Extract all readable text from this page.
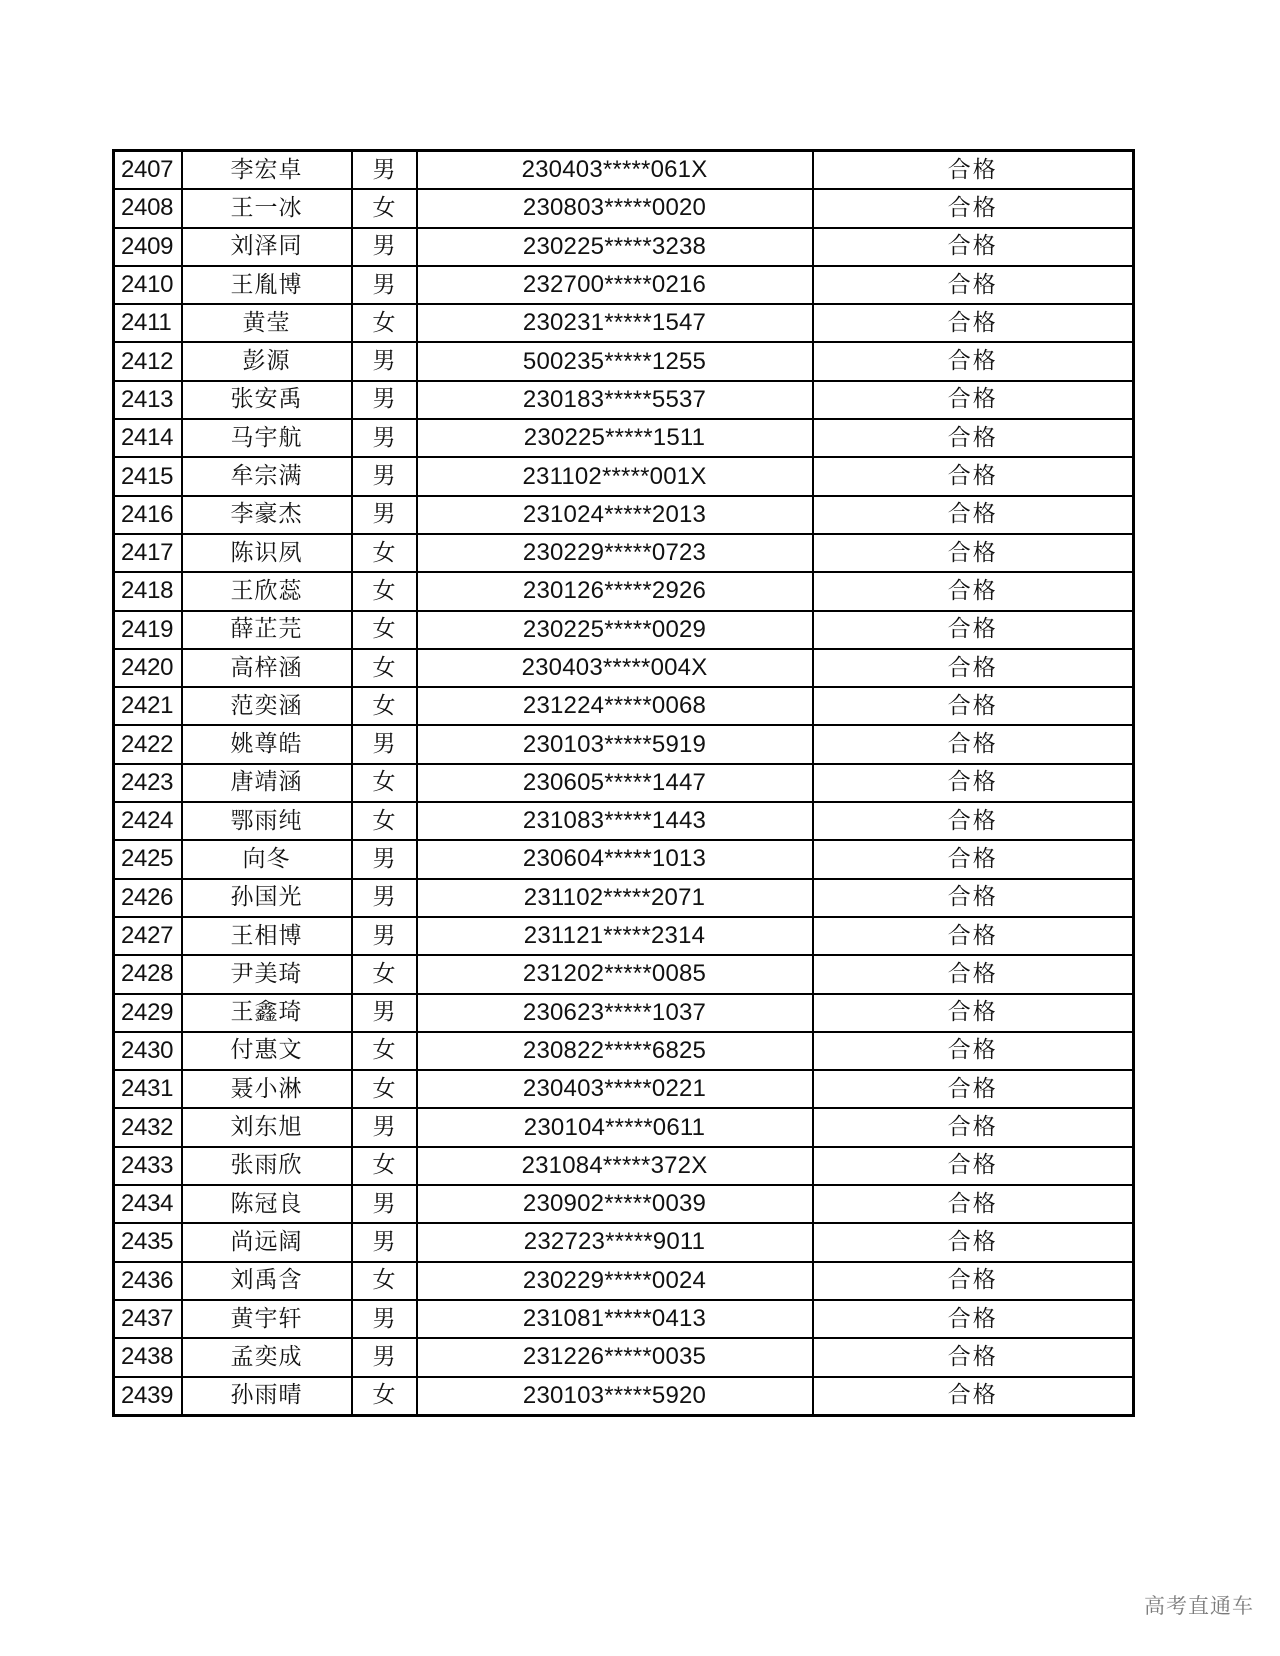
2407	李宏卓	男	230403*****061X	合格
2408	王一冰	女	230803*****0020	合格
2409	刘泽同	男	230225*****3238	合格
2410	王胤博	男	232700*****0216	合格
2411	黄莹	女	230231*****1547	合格
2412	彭源	男	500235*****1255	合格
2413	张安禹	男	230183*****5537	合格
2414	马宇航	男	230225*****1511	合格
2415	牟宗满	男	231102*****001X	合格
2416	李豪杰	男	231024*****2013	合格
2417	陈识夙	女	230229*****0723	合格
2418	王欣蕊	女	230126*****2926	合格
2419	薛芷芫	女	230225*****0029	合格
2420	高梓涵	女	230403*****004X	合格
2421	范奕涵	女	231224*****0068	合格
2422	姚尊皓	男	230103*****5919	合格
2423	唐靖涵	女	230605*****1447	合格
2424	鄂雨纯	女	231083*****1443	合格
2425	向冬	男	230604*****1013	合格
2426	孙国光	男	231102*****2071	合格
2427	王相博	男	231121*****2314	合格
2428	尹美琦	女	231202*****0085	合格
2429	王鑫琦	男	230623*****1037	合格
2430	付惠文	女	230822*****6825	合格
2431	聂小淋	女	230403*****0221	合格
2432	刘东旭	男	230104*****0611	合格
2433	张雨欣	女	231084*****372X	合格
2434	陈冠良	男	230902*****0039	合格
2435	尚远阔	男	232723*****9011	合格
2436	刘禹含	女	230229*****0024	合格
2437	黄宇轩	男	231081*****0413	合格
2438	孟奕成	男	231226*****0035	合格
2439	孙雨晴	女	230103*****5920	合格
高考直通车
